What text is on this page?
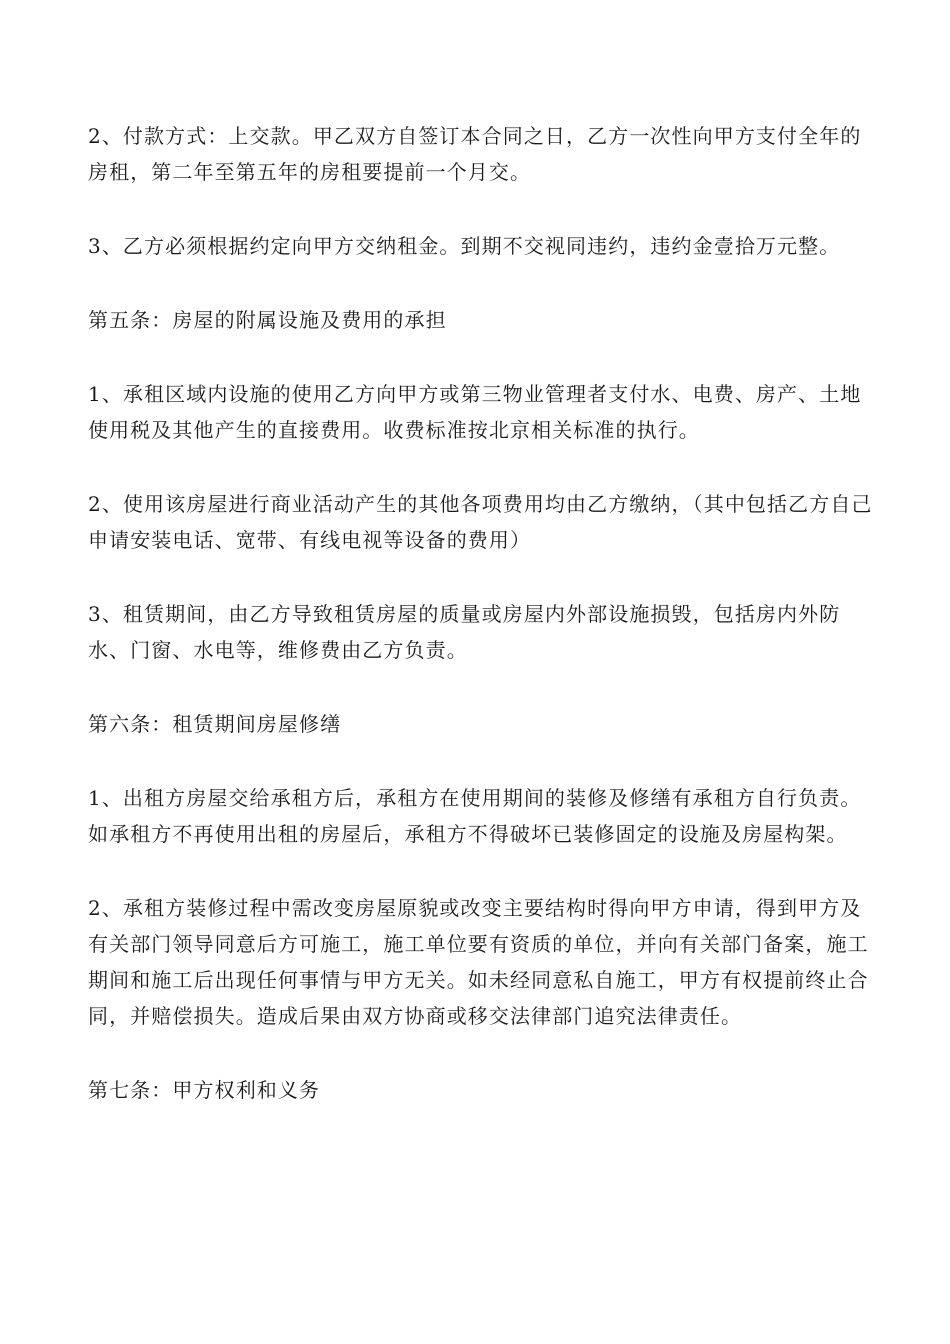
2、付款方式：上交款。甲乙双方自签订本合同之日，乙方一次性向甲方支付全年的房租，第二年至第五年的房租要提前一个月交。

3、乙方必须根据约定向甲方交纳租金。到期不交视同违约，违约金壹拾万元整。

第五条：房屋的附属设施及费用的承担

1、承租区域内设施的使用乙方向甲方或第三物业管理者支付水、电费、房产、土地使用税及其他产生的直接费用。收费标准按北京相关标准的执行。

2、使用该房屋进行商业活动产生的其他各项费用均由乙方缴纳，（其中包括乙方自己申请安装电话、宽带、有线电视等设备的费用）

3、租赁期间，由乙方导致租赁房屋的质量或房屋内外部设施损毁，包括房内外防水、门窗、水电等，维修费由乙方负责。

第六条：租赁期间房屋修缮

1、出租方房屋交给承租方后，承租方在使用期间的装修及修缮有承租方自行负责。如承租方不再使用出租的房屋后，承租方不得破坏已装修固定的设施及房屋构架。

2、承租方装修过程中需改变房屋原貌或改变主要结构时得向甲方申请，得到甲方及有关部门领导同意后方可施工，施工单位要有资质的单位，并向有关部门备案，施工期间和施工后出现任何事情与甲方无关。如未经同意私自施工，甲方有权提前终止合同，并赔偿损失。造成后果由双方协商或移交法律部门追究法律责任。

第七条：甲方权利和义务
